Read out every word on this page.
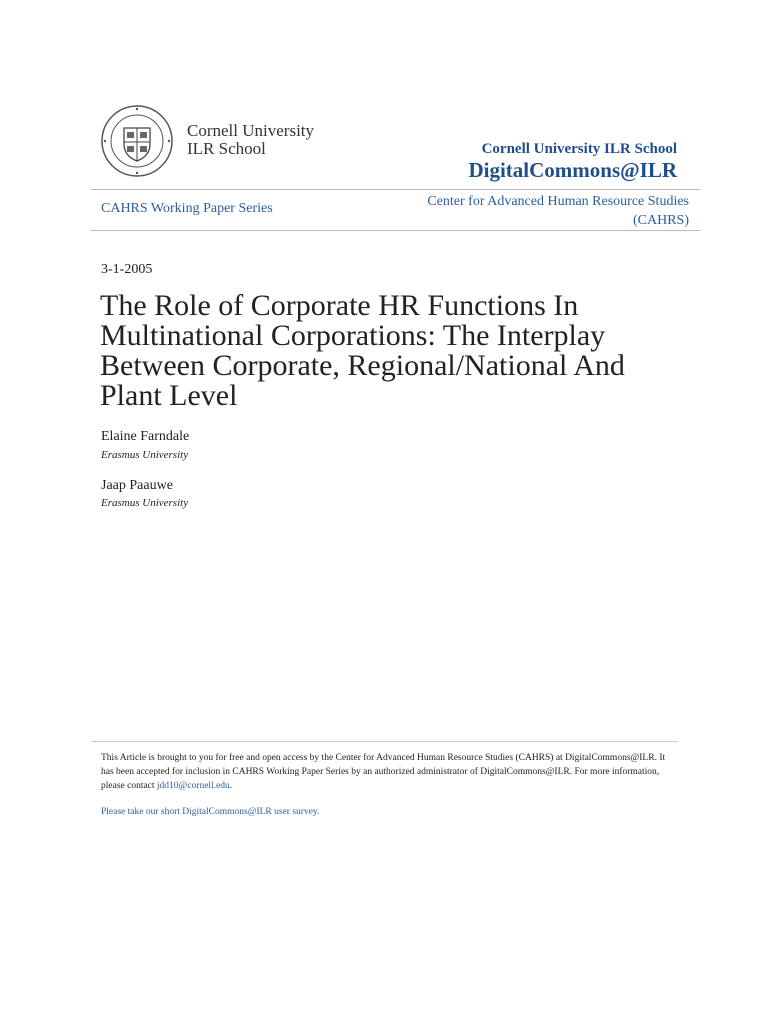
Cornell University
ILR School	Cornell University ILR School
DigitalCommons@ILR
CAHRS Working Paper Series	Center for Advanced Human Resource Studies
(CAHRS)
3-1-2005
The Role of Corporate HR Functions In Multinational Corporations: The Interplay Between Corporate, Regional/National And Plant Level
Elaine Farndale
Erasmus University
Jaap Paauwe
Erasmus University
This Article is brought to you for free and open access by the Center for Advanced Human Resource Studies (CAHRS) at DigitalCommons@ILR. It has been accepted for inclusion in CAHRS Working Paper Series by an authorized administrator of DigitalCommons@ILR. For more information, please contact jdd10@cornell.edu.
Please take our short DigitalCommons@ILR user survey.
